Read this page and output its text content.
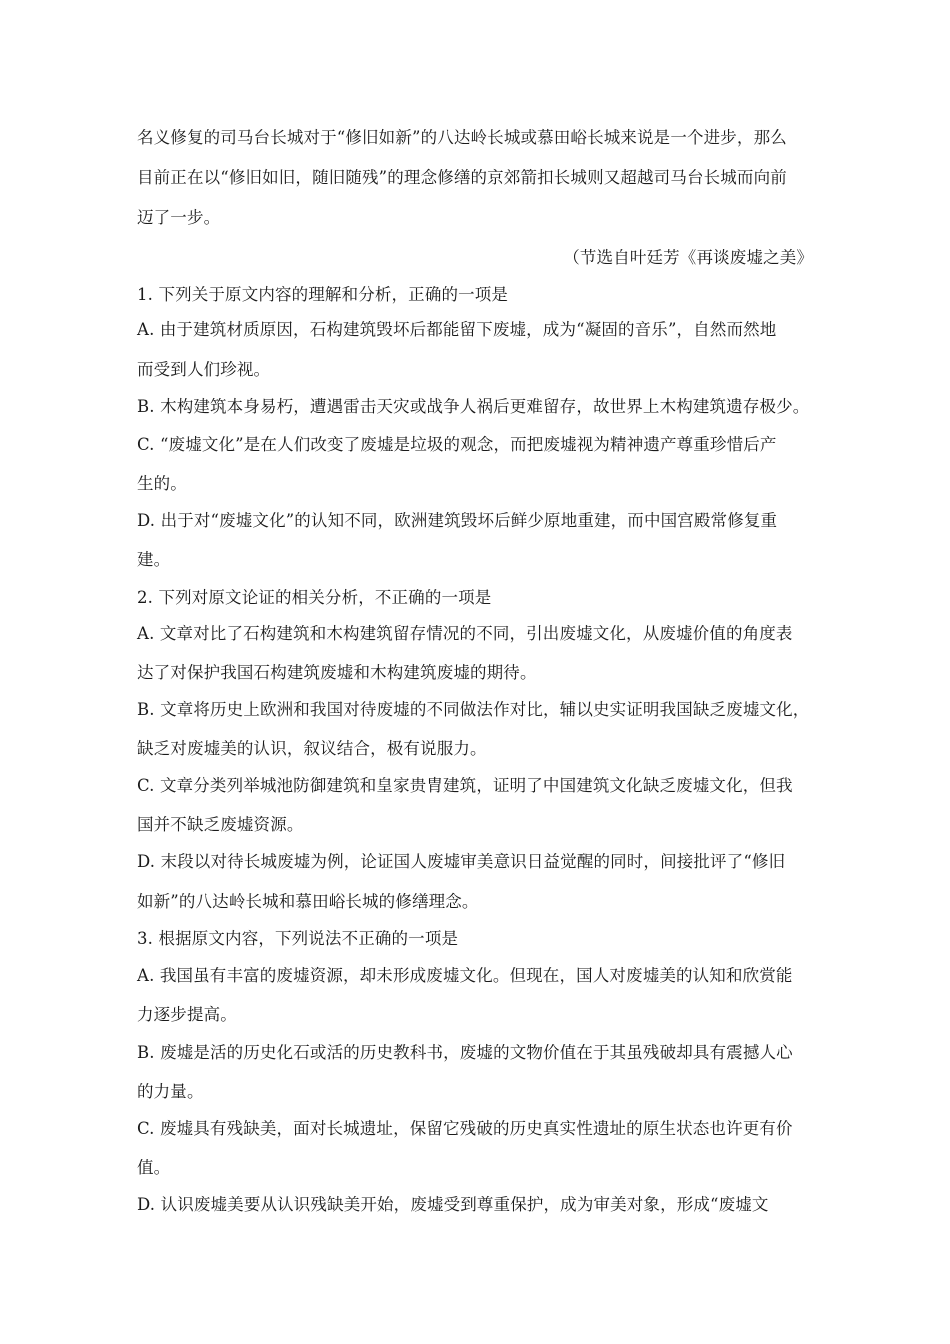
名义修复的司马台长城对于“修旧如新”的八达岭长城或慕田峪长城来说是一个进步，那么
目前正在以“修旧如旧，随旧随残”的理念修缮的京郊箭扣长城则又超越司马台长城而向前
迈了一步。
（节选自叶廷芳《再谈废墟之美》
1. 下列关于原文内容的理解和分析，正确的一项是
A. 由于建筑材质原因，石构建筑毁坏后都能留下废墟，成为“凝固的音乐”，自然而然地
而受到人们珍视。
B. 木构建筑本身易朽，遭遇雷击天灾或战争人祸后更难留存，故世界上木构建筑遗存极少。
C. “废墟文化”是在人们改变了废墟是垃圾的观念，而把废墟视为精神遗产尊重珍惜后产
生的。
D. 出于对“废墟文化”的认知不同，欧洲建筑毁坏后鲜少原地重建，而中国宫殿常修复重
建。
2. 下列对原文论证的相关分析，不正确的一项是
A. 文章对比了石构建筑和木构建筑留存情况的不同，引出废墟文化，从废墟价值的角度表
达了对保护我国石构建筑废墟和木构建筑废墟的期待。
B. 文章将历史上欧洲和我国对待废墟的不同做法作对比，辅以史实证明我国缺乏废墟文化，
缺乏对废墟美的认识，叙议结合，极有说服力。
C. 文章分类列举城池防御建筑和皇家贵胄建筑，证明了中国建筑文化缺乏废墟文化，但我
国并不缺乏废墟资源。
D. 末段以对待长城废墟为例，论证国人废墟审美意识日益觉醒的同时，间接批评了“修旧
如新”的八达岭长城和慕田峪长城的修缮理念。
3. 根据原文内容，下列说法不正确的一项是
A. 我国虽有丰富的废墟资源，却未形成废墟文化。但现在，国人对废墟美的认知和欣赏能
力逐步提高。
B. 废墟是活的历史化石或活的历史教科书，废墟的文物价值在于其虽残破却具有震撼人心
的力量。
C. 废墟具有残缺美，面对长城遗址，保留它残破的历史真实性遗址的原生状态也许更有价
值。
D. 认识废墟美要从认识残缺美开始，废墟受到尊重保护，成为审美对象，形成“废墟文
